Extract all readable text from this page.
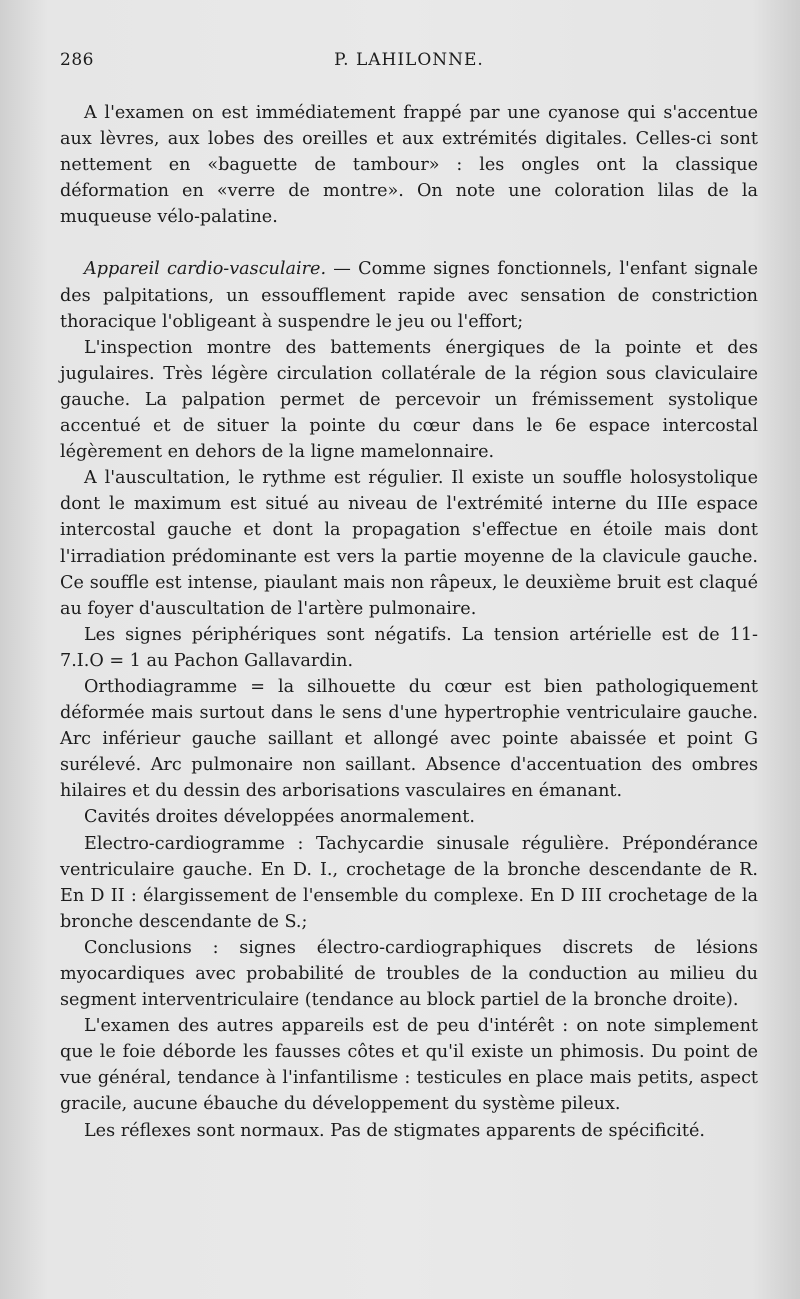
286	P. LAHILONNE.

A l'examen on est immédiatement frappé par une cyanose qui s'accentue aux lèvres, aux lobes des oreilles et aux extrémités digitales. Celles-ci sont nettement en «baguette de tambour» : les ongles ont la classique déformation en «verre de montre». On note une coloration lilas de la muqueuse vélo-palatine.

Appareil cardio-vasculaire. — Comme signes fonctionnels, l'enfant signale des palpitations, un essoufflement rapide avec sensation de constriction thoracique l'obligeant à suspendre le jeu ou l'effort;

L'inspection montre des battements énergiques de la pointe et des jugulaires. Très légère circulation collatérale de la région sous claviculaire gauche. La palpation permet de percevoir un frémissement systolique accentué et de situer la pointe du cœur dans le 6e espace intercostal légèrement en dehors de la ligne mamelonnaire.

A l'auscultation, le rythme est régulier. Il existe un souffle holosystolique dont le maximum est situé au niveau de l'extrémité interne du IIIe espace intercostal gauche et dont la propagation s'effectue en étoile mais dont l'irradiation prédominante est vers la partie moyenne de la clavicule gauche. Ce souffle est intense, piaulant mais non râpeux, le deuxième bruit est claqué au foyer d'auscultation de l'artère pulmonaire.

Les signes périphériques sont négatifs. La tension artérielle est de 11-7.I.O = 1 au Pachon Gallavardin.

Orthodiagramme = la silhouette du cœur est bien pathologiquement déformée mais surtout dans le sens d'une hypertrophie ventriculaire gauche. Arc inférieur gauche saillant et allongé avec pointe abaissée et point G surélevé. Arc pulmonaire non saillant. Absence d'accentuation des ombres hilaires et du dessin des arborisations vasculaires en émanant.

Cavités droites développées anormalement.

Electro-cardiogramme : Tachycardie sinusale régulière. Prépondérance ventriculaire gauche. En D. I., crochetage de la bronche descendante de R. En D II : élargissement de l'ensemble du complexe. En D III crochetage de la bronche descendante de S.;

Conclusions : signes électro-cardiographiques discrets de lésions myocardiques avec probabilité de troubles de la conduction au milieu du segment interventriculaire (tendance au block partiel de la bronche droite).

L'examen des autres appareils est de peu d'intérêt : on note simplement que le foie déborde les fausses côtes et qu'il existe un phimosis. Du point de vue général, tendance à l'infantilisme : testicules en place mais petits, aspect gracile, aucune ébauche du développement du système pileux.

Les réflexes sont normaux. Pas de stigmates apparents de spécificité.
